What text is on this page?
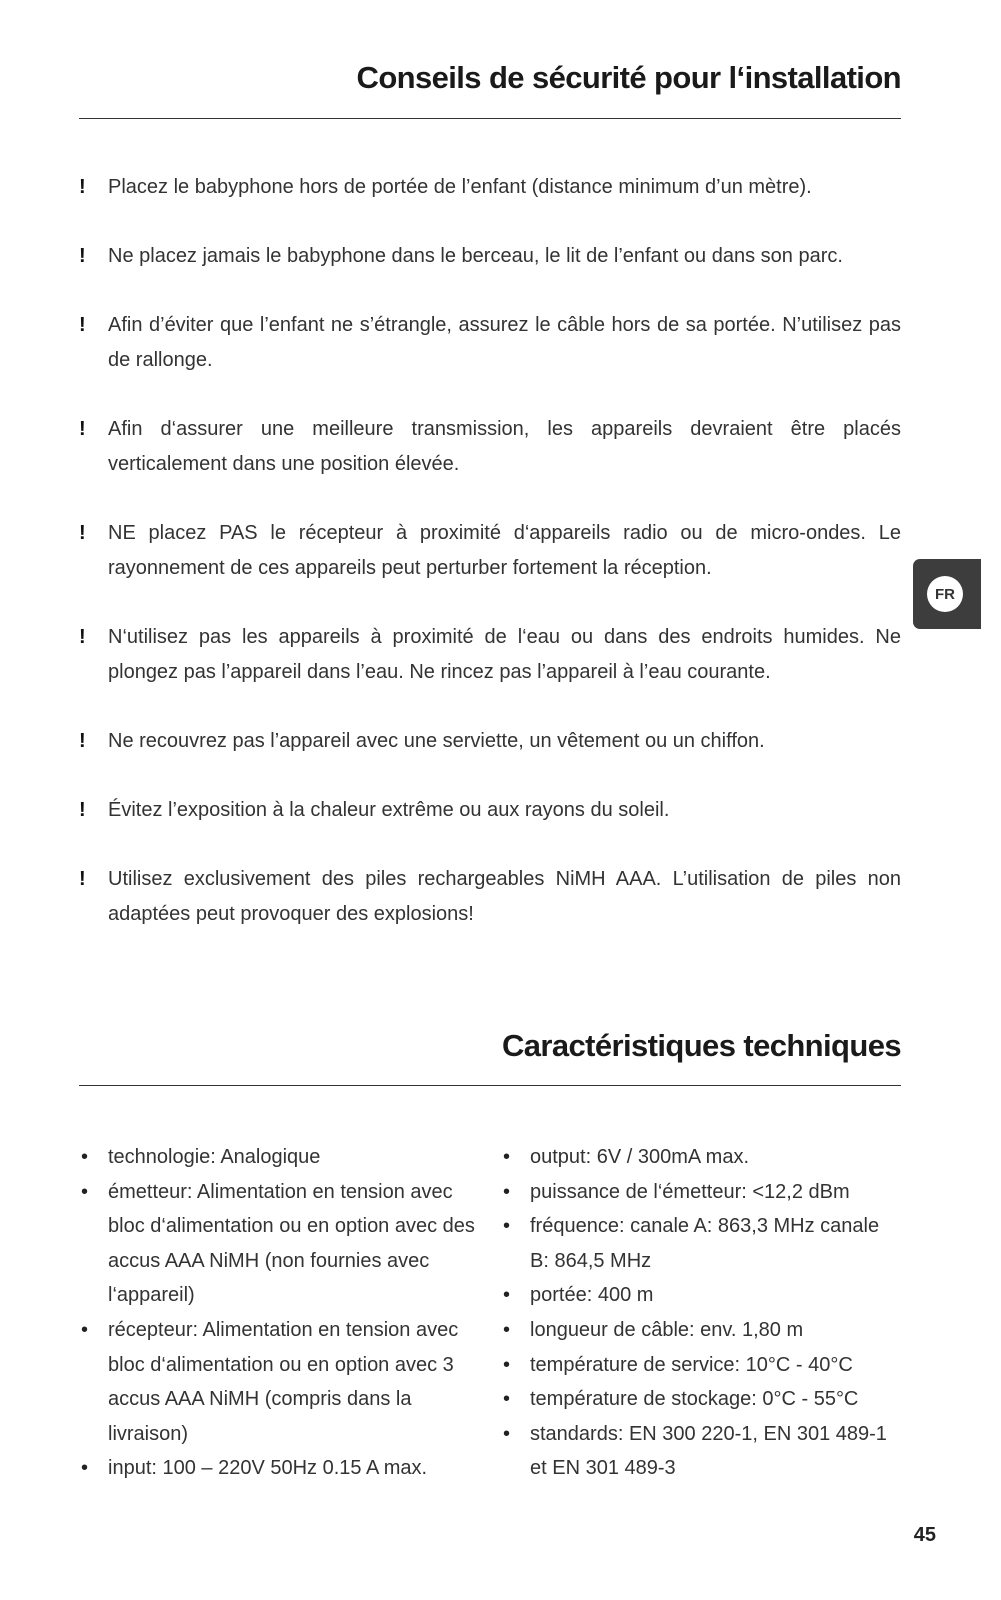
Conseils de sécurité pour l‘installation
! Placez le babyphone hors de portée de l’enfant (distance minimum d’un mètre).
! Ne placez jamais le babyphone dans le berceau, le lit de l’enfant ou dans son parc.
! Afin d’éviter que l’enfant ne s’étrangle, assurez le câble hors de sa portée. N’utilisez pas de rallonge.
! Afin d‘assurer une meilleure transmission, les appareils devraient être placés verticalement dans une position élevée.
! NE placez PAS le récepteur à proximité d‘appareils radio ou de micro-ondes. Le rayonnement de ces appareils peut perturber fortement la réception.
! N‘utilisez pas les appareils à proximité de l‘eau ou dans des endroits humides. Ne plongez pas l’appareil dans l’eau. Ne rincez pas l’appareil à l’eau courante.
! Ne recouvrez pas l’appareil avec une serviette, un vêtement ou un chiffon.
! Évitez l’exposition à la chaleur extrême ou aux rayons du soleil.
! Utilisez exclusivement des piles rechargeables NiMH AAA. L’utilisation de piles non adaptées peut provoquer des explosions!
FR
Caractéristiques techniques
• technologie: Analogique
• émetteur: Alimentation en tension avec bloc d‘alimentation ou en option avec des accus AAA NiMH (non fournies avec l‘appareil)
• récepteur: Alimentation en tension avec bloc d‘alimentation ou en option avec 3 accus AAA NiMH (compris dans la livraison)
• input: 100 – 220V 50Hz 0.15 A max.
• output: 6V / 300mA max.
• puissance de l‘émetteur: <12,2 dBm
• fréquence: canale A: 863,3 MHz canale B: 864,5 MHz
• portée: 400 m
• longueur de câble: env. 1,80 m
• température de service: 10°C - 40°C
• température de stockage: 0°C - 55°C
• standards: EN 300 220-1, EN 301 489-1 et EN 301 489-3
45
